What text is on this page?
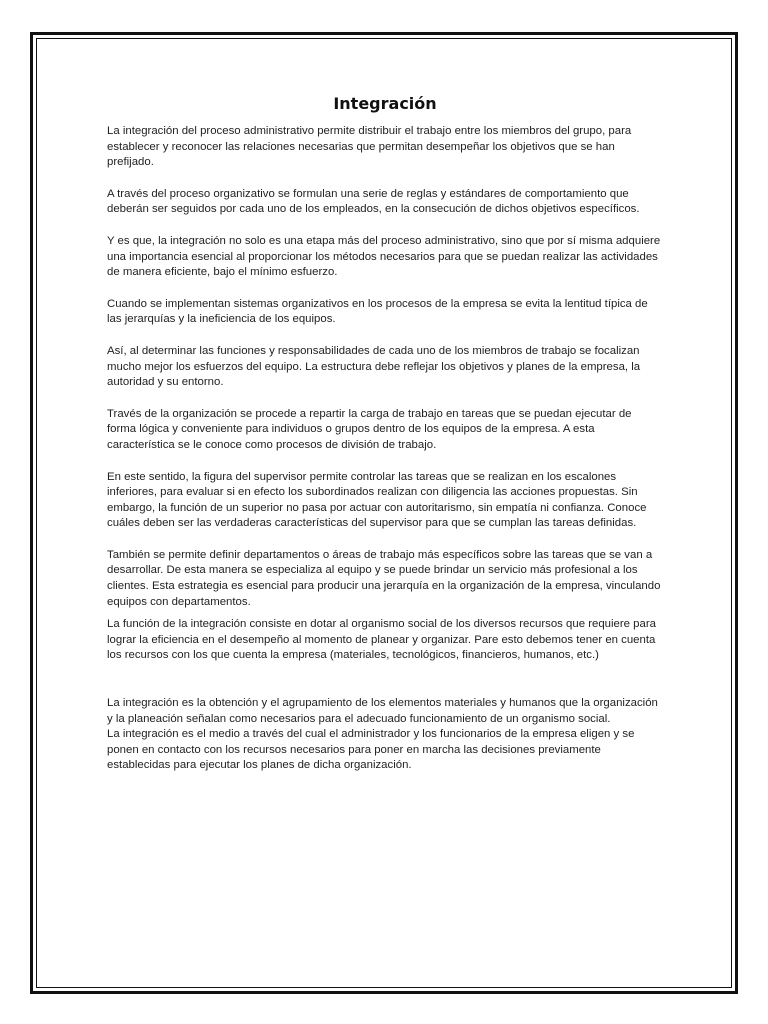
Integración

La integración del proceso administrativo permite distribuir el trabajo entre los miembros del grupo, para establecer y reconocer las relaciones necesarias que permitan desempeñar los objetivos que se han prefijado.

A través del proceso organizativo se formulan una serie de reglas y estándares de comportamiento que deberán ser seguidos por cada uno de los empleados, en la consecución de dichos objetivos específicos.

Y es que, la integración no solo es una etapa más del proceso administrativo, sino que por sí misma adquiere una importancia esencial al proporcionar los métodos necesarios para que se puedan realizar las actividades de manera eficiente, bajo el mínimo esfuerzo.

Cuando se implementan sistemas organizativos en los procesos de la empresa se evita la lentitud típica de las jerarquías y la ineficiencia de los equipos.

Así, al determinar las funciones y responsabilidades de cada uno de los miembros de trabajo se focalizan mucho mejor los esfuerzos del equipo. La estructura debe reflejar los objetivos y planes de la empresa, la autoridad y su entorno.

Través de la organización se procede a repartir la carga de trabajo en tareas que se puedan ejecutar de forma lógica y conveniente para individuos o grupos dentro de los equipos de la empresa. A esta característica se le conoce como procesos de división de trabajo.

En este sentido, la figura del supervisor permite controlar las tareas que se realizan en los escalones inferiores, para evaluar si en efecto los subordinados realizan con diligencia las acciones propuestas. Sin embargo, la función de un superior no pasa por actuar con autoritarismo, sin empatía ni confianza. Conoce cuáles deben ser las verdaderas características del supervisor para que se cumplan las tareas definidas.

También se permite definir departamentos o áreas de trabajo más específicos sobre las tareas que se van a desarrollar. De esta manera se especializa al equipo y se puede brindar un servicio más profesional a los clientes. Esta estrategia es esencial para producir una jerarquía en la organización de la empresa, vinculando equipos con departamentos.

La función de la integración consiste en dotar al organismo social de los diversos recursos que requiere para lograr la eficiencia en el desempeño al momento de planear y organizar. Pare esto debemos tener en cuenta los recursos con los que cuenta la empresa (materiales, tecnológicos, financieros, humanos, etc.)

La integración es la obtención y el agrupamiento de los elementos materiales y humanos que la organización y la planeación señalan como necesarios para el adecuado funcionamiento de un organismo social.

La integración es el medio a través del cual el administrador y los funcionarios de la empresa eligen y se ponen en contacto con los recursos necesarios para poner en marcha las decisiones previamente establecidas para ejecutar los planes de dicha organización.
